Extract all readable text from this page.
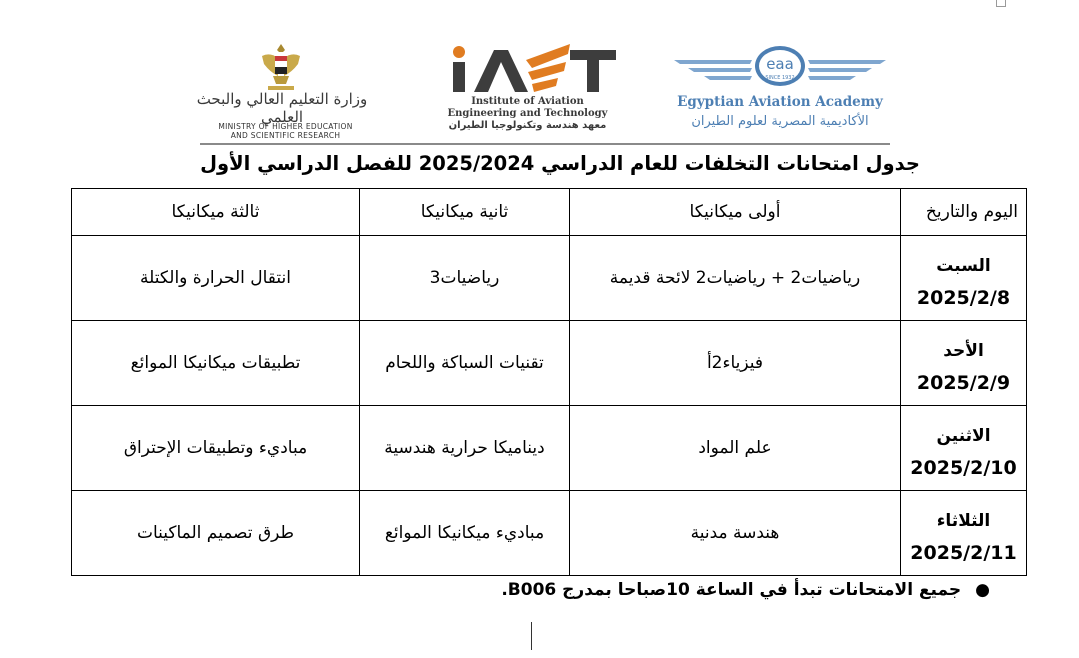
وزارة التعليم العالي والبحث العلمي
MINISTRY OF HIGHER EDUCATION
AND SCIENTIFIC RESEARCH
Institute of Aviation
Engineering and Technology
معهد هندسة وتكنولوجيا الطيران
eaa
SINCE 1932
Egyptian Aviation Academy
الأكاديمية المصرية لعلوم الطيران
جدول امتحانات التخلفات للعام الدراسي 2025/2024 للفصل الدراسي الأول
اليوم والتاريخ	أولى ميكانيكا	ثانية ميكانيكا	ثالثة ميكانيكا

السبت
2025/2/8	رياضيات2 + رياضيات2 لائحة قديمة	رياضيات3	انتقال الحرارة والكتلة

الأحد
2025/2/9	فيزياء2أ	تقنيات السباكة واللحام	تطبيقات ميكانيكا الموائع

الاثنين
2025/2/10	علم المواد	ديناميكا حرارية هندسية	مباديء وتطبيقات الإحتراق

الثلاثاء
2025/2/11	هندسة مدنية	مباديء ميكانيكا الموائع	طرق تصميم الماكينات
●جميع الامتحانات تبدأ في الساعة 10صباحا بمدرج B006.
